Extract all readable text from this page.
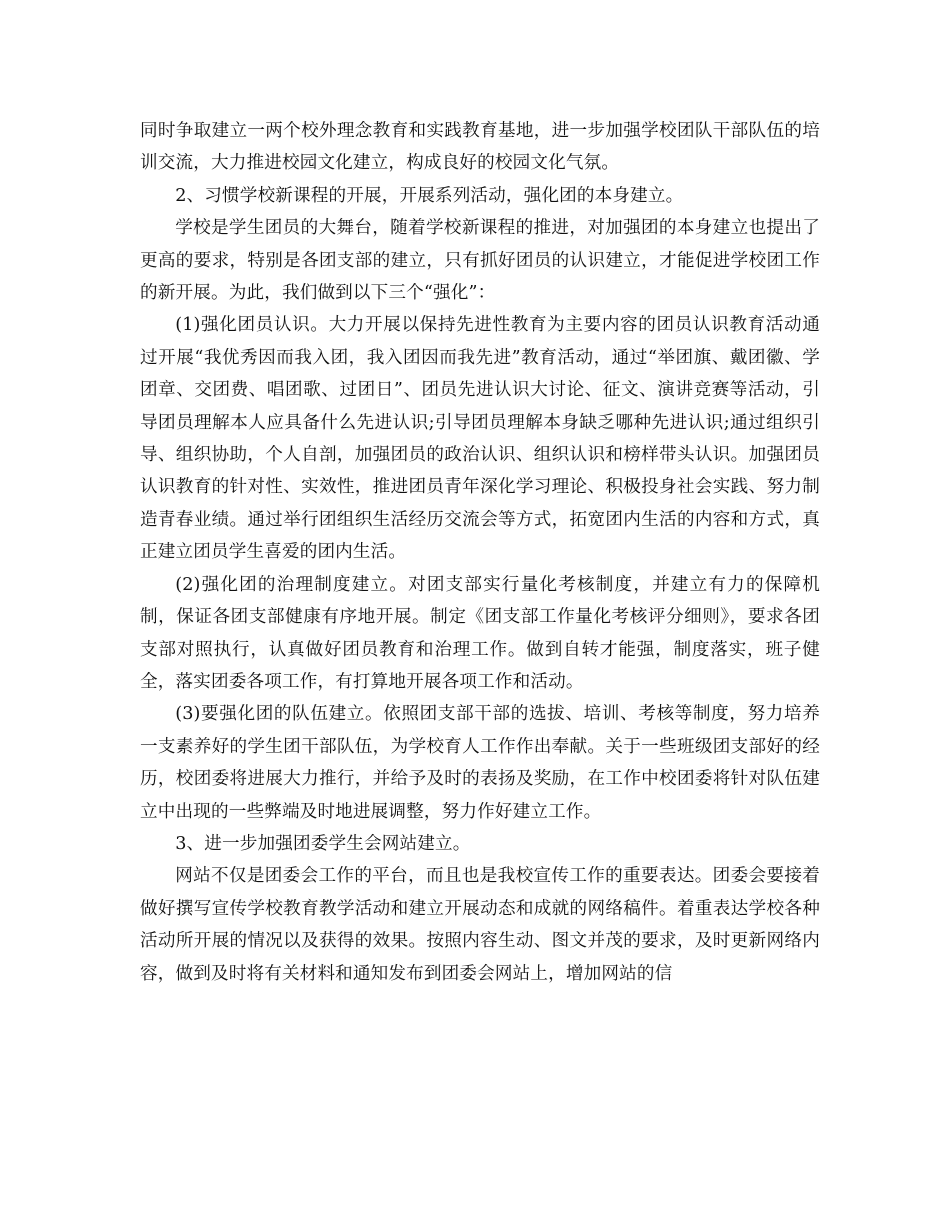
同时争取建立一两个校外理念教育和实践教育基地，进一步加强学校团队干部队伍的培训交流，大力推进校园文化建立，构成良好的校园文化气氛。

2、习惯学校新课程的开展，开展系列活动，强化团的本身建立。

学校是学生团员的大舞台，随着学校新课程的推进，对加强团的本身建立也提出了更高的要求，特别是各团支部的建立，只有抓好团员的认识建立，才能促进学校团工作的新开展。为此，我们做到以下三个“强化”：

(1)强化团员认识。大力开展以保持先进性教育为主要内容的团员认识教育活动通过开展“我优秀因而我入团，我入团因而我先进”教育活动，通过“举团旗、戴团徽、学团章、交团费、唱团歌、过团日”、团员先进认识大讨论、征文、演讲竞赛等活动，引导团员理解本人应具备什么先进认识;引导团员理解本身缺乏哪种先进认识;通过组织引导、组织协助，个人自剖，加强团员的政治认识、组织认识和榜样带头认识。加强团员认识教育的针对性、实效性，推进团员青年深化学习理论、积极投身社会实践、努力制造青春业绩。通过举行团组织生活经历交流会等方式，拓宽团内生活的内容和方式，真正建立团员学生喜爱的团内生活。

(2)强化团的治理制度建立。对团支部实行量化考核制度，并建立有力的保障机制，保证各团支部健康有序地开展。制定《团支部工作量化考核评分细则》，要求各团支部对照执行，认真做好团员教育和治理工作。做到自转才能强，制度落实，班子健全，落实团委各项工作，有打算地开展各项工作和活动。

(3)要强化团的队伍建立。依照团支部干部的选拔、培训、考核等制度，努力培养一支素养好的学生团干部队伍，为学校育人工作作出奉献。关于一些班级团支部好的经历，校团委将进展大力推行，并给予及时的表扬及奖励，在工作中校团委将针对队伍建立中出现的一些弊端及时地进展调整，努力作好建立工作。

3、进一步加强团委学生会网站建立。

网站不仅是团委会工作的平台，而且也是我校宣传工作的重要表达。团委会要接着做好撰写宣传学校教育教学活动和建立开展动态和成就的网络稿件。着重表达学校各种活动所开展的情况以及获得的效果。按照内容生动、图文并茂的要求，及时更新网络内容，做到及时将有关材料和通知发布到团委会网站上，增加网站的信
